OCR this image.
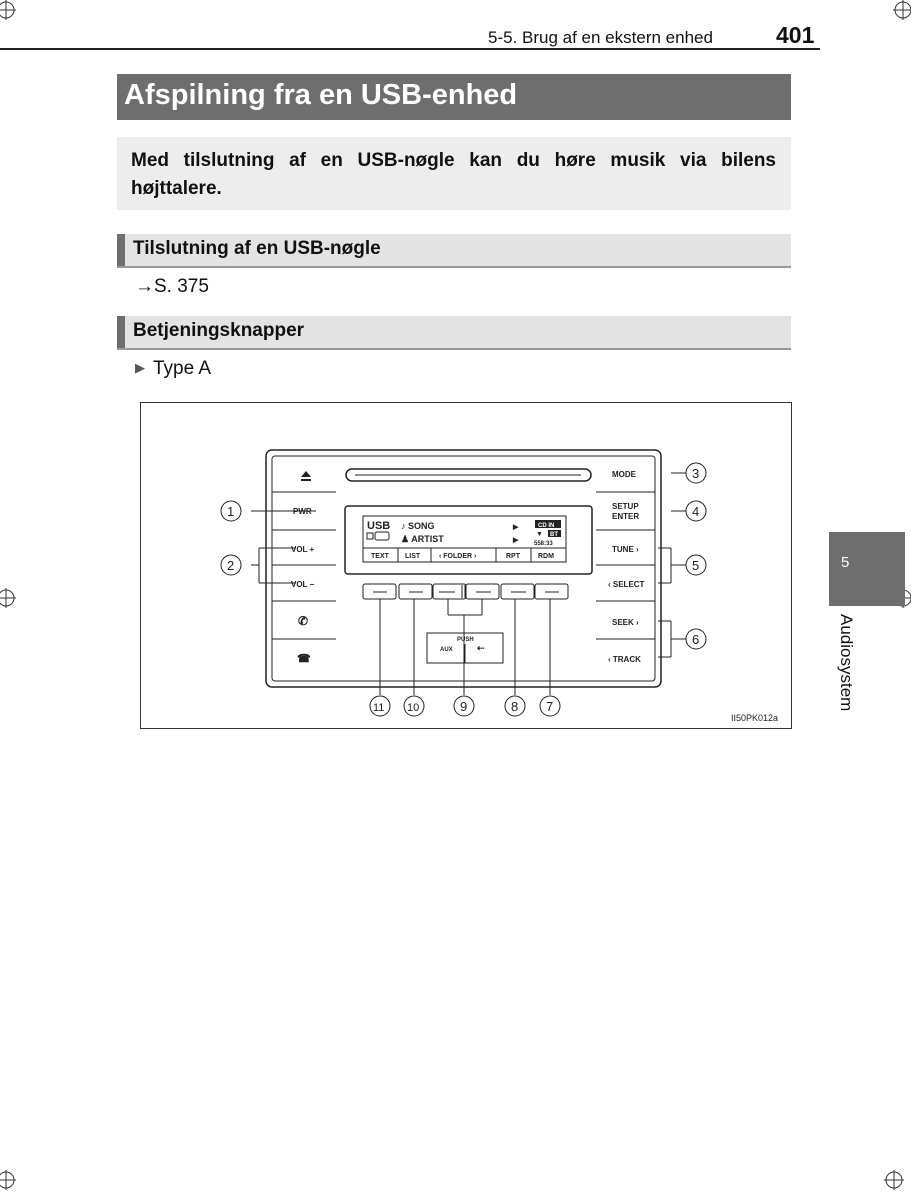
5-5. Brug af en ekstern enhed	401
Afspilning fra en USB-enhed
Med tilslutning af en USB-nøgle kan du høre musik via bilens højttalere.
Tilslutning af en USB-nøgle
→S. 375
Betjeningsknapper
▶ Type A
PWR
VOL +
VOL −
✆
☎
MODE
SETUP
ENTER
TUNE ›
‹ SELECT
SEEK ›
‹ TRACK
USB ♪ SONG
♟ ARTIST
▶
▶
CD IN
▼ BT
558:33
TEXT LIST	‹ FOLDER ›	RPT	RDM
PUSH
AUX	⇠
1
2
3
4
5
6
7
8
9
10
11
II50PK012a
5
Audiosystem
